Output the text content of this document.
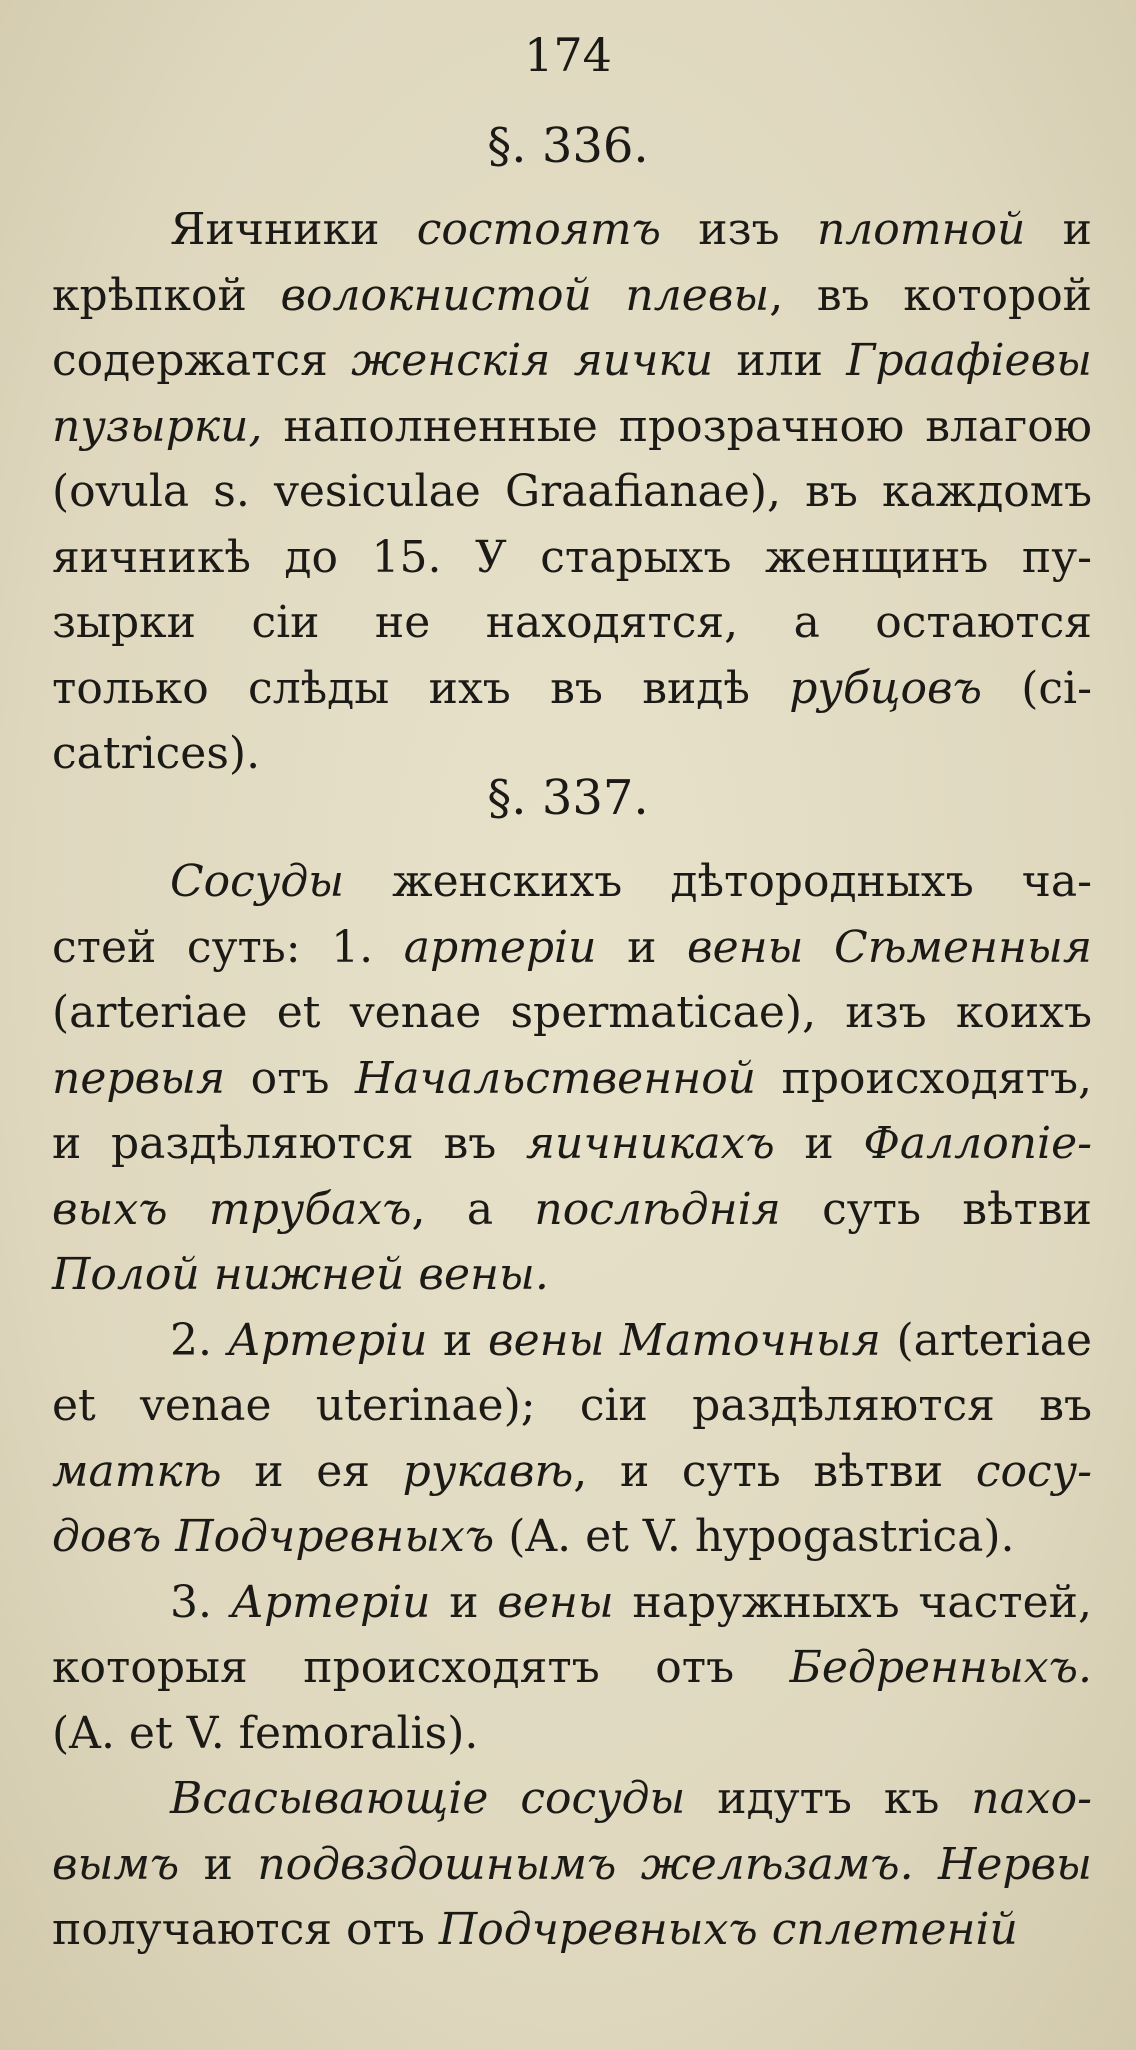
174
§. 336.
Яичники состоятъ изъ плотной и
крѣпкой волокнистой плевы, въ которой
содержатся женскія яички или Граафіевы
пузырки, наполненные прозрачною влагою
(ovula s. vesiculae Graafianae), въ каждомъ
яичникѣ до 15. У старыхъ женщинъ пу-
зырки сіи не находятся, а остаются
только слѣды ихъ въ видѣ рубцовъ (ci-
catrices).
§. 337.
Сосуды женскихъ дѣтородныхъ ча-
стей суть: 1. артеріи и вены Сѣменныя
(arteriae et venae spermaticae), изъ коихъ
первыя отъ Начальственной происходятъ,
и раздѣляются въ яичникахъ и Фаллопіе-
выхъ трубахъ, а послѣднія суть вѣтви
Полой нижней вены.
2. Артеріи и вены Маточныя (arteriae
et venae uterinae); сіи раздѣляются въ
маткѣ и ея рукавѣ, и суть вѣтви сосу-
довъ Подчревныхъ (A. et V. hypogastrica).
3. Артеріи и вены наружныхъ частей,
которыя происходятъ отъ Бедренныхъ.
(A. et V. femoralis).
Всасывающіе сосуды идутъ къ пахо-
вымъ и подвздошнымъ желѣзамъ. Нервы
получаются отъ Подчревныхъ сплетеній
